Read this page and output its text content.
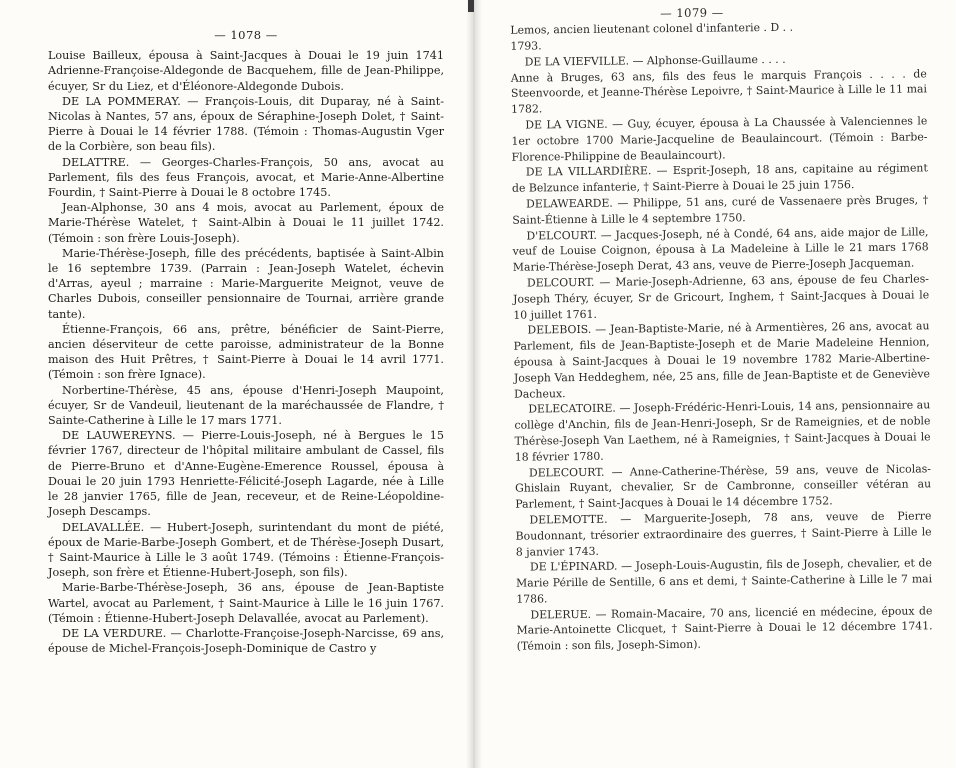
— 1078 —

Louise Bailleux, épousa à Saint-Jacques à Douai le 19 juin 1741 Adrienne-Françoise-Aldegonde de Bacquehem, fille de Jean-Philippe, écuyer, Sr du Liez, et d'Éléonore-Aldegonde Dubois.

DE LA POMMERAY. — François-Louis, dit Duparay, né à Saint-Nicolas à Nantes, 57 ans, époux de Séraphine-Joseph Dolet, † Saint-Pierre à Douai le 14 février 1788. (Témoin : Thomas-Augustin Vger de la Corbière, son beau fils).

DELATTRE. — Georges-Charles-François, 50 ans, avocat au Parlement, fils des feus François, avocat, et Marie-Anne-Albertine Fourdin, † Saint-Pierre à Douai le 8 octobre 1745.

Jean-Alphonse, 30 ans 4 mois, avocat au Parlement, époux de Marie-Thérèse Watelet, † Saint-Albin à Douai le 11 juillet 1742. (Témoin : son frère Louis-Joseph).

Marie-Thérèse-Joseph, fille des précédents, baptisée à Saint-Albin le 16 septembre 1739. (Parrain : Jean-Joseph Watelet, échevin d'Arras, ayeul ; marraine : Marie-Marguerite Meignot, veuve de Charles Dubois, conseiller pensionnaire de Tournai, arrière grande tante).

Étienne-François, 66 ans, prêtre, bénéficier de Saint-Pierre, ancien déserviteur de cette paroisse, administrateur de la Bonne maison des Huit Prêtres, † Saint-Pierre à Douai le 14 avril 1771. (Témoin : son frère Ignace).

Norbertine-Thérèse, 45 ans, épouse d'Henri-Joseph Maupoint, écuyer, Sr de Vandeuil, lieutenant de la maréchaussée de Flandre, † Sainte-Catherine à Lille le 17 mars 1771.

DE LAUWEREYNS. — Pierre-Louis-Joseph, né à Bergues le 15 février 1767, directeur de l'hôpital militaire ambulant de Cassel, fils de Pierre-Bruno et d'Anne-Eugène-Emerence Roussel, épousa à Douai le 20 juin 1793 Henriette-Félicité-Joseph Lagarde, née à Lille le 28 janvier 1765, fille de Jean, receveur, et de Reine-Léopoldine-Joseph Descamps.

DELAVALLÉE. — Hubert-Joseph, surintendant du mont de piété, époux de Marie-Barbe-Joseph Gombert, et de Thérèse-Joseph Dusart, † Saint-Maurice à Lille le 3 août 1749. (Témoins : Étienne-François-Joseph, son frère et Étienne-Hubert-Joseph, son fils).

Marie-Barbe-Thérèse-Joseph, 36 ans, épouse de Jean-Baptiste Wartel, avocat au Parlement, † Saint-Maurice à Lille le 16 juin 1767. (Témoin : Étienne-Hubert-Joseph Delavallée, avocat au Parlement).

DE LA VERDURE. — Charlotte-Françoise-Joseph-Narcisse, 69 ans, épouse de Michel-François-Joseph-Dominique de Castro y

— 1079 —

Lemos, ancien lieutenant colonel d'infanterie . D . .

1793.

DE LA VIEFVILLE. — Alphonse-Guillaume . . . .

Anne à Bruges, 63 ans, fils des feus le marquis François . . . . de Steenvoorde, et Jeanne-Thérèse Lepoivre, † Saint-Maurice à Lille le 11 mai 1782.

DE LA VIGNE. — Guy, écuyer, épousa à La Chaussée à Valenciennes le 1er octobre 1700 Marie-Jacqueline de Beaulaincourt. (Témoin : Barbe-Florence-Philippine de Beaulaincourt).

DE LA VILLARDIÈRE. — Esprit-Joseph, 18 ans, capitaine au régiment de Belzunce infanterie, † Saint-Pierre à Douai le 25 juin 1756.

DELAWEARDE. — Philippe, 51 ans, curé de Vassenaere près Bruges, † Saint-Étienne à Lille le 4 septembre 1750.

D'ELCOURT. — Jacques-Joseph, né à Condé, 64 ans, aide major de Lille, veuf de Louise Coignon, épousa à La Madeleine à Lille le 21 mars 1768 Marie-Thérèse-Joseph Derat, 43 ans, veuve de Pierre-Joseph Jacqueman.

DELCOURT. — Marie-Joseph-Adrienne, 63 ans, épouse de feu Charles-Joseph Théry, écuyer, Sr de Gricourt, Inghem, † Saint-Jacques à Douai le 10 juillet 1761.

DELEBOIS. — Jean-Baptiste-Marie, né à Armentières, 26 ans, avocat au Parlement, fils de Jean-Baptiste-Joseph et de Marie Madeleine Hennion, épousa à Saint-Jacques à Douai le 19 novembre 1782 Marie-Albertine-Joseph Van Heddeghem, née, 25 ans, fille de Jean-Baptiste et de Geneviève Dacheux.

DELECATOIRE. — Joseph-Frédéric-Henri-Louis, 14 ans, pensionnaire au collège d'Anchin, fils de Jean-Henri-Joseph, Sr de Rameignies, et de noble Thérèse-Joseph Van Laethem, né à Rameignies, † Saint-Jacques à Douai le 18 février 1780.

DELECOURT. — Anne-Catherine-Thérèse, 59 ans, veuve de Nicolas-Ghislain Ruyant, chevalier, Sr de Cambronne, conseiller vétéran au Parlement, † Saint-Jacques à Douai le 14 décembre 1752.

DELEMOTTE. — Marguerite-Joseph, 78 ans, veuve de Pierre Boudonnant, trésorier extraordinaire des guerres, † Saint-Pierre à Lille le 8 janvier 1743.

DE L'ÉPINARD. — Joseph-Louis-Augustin, fils de Joseph, chevalier, et de Marie Pérille de Sentille, 6 ans et demi, † Sainte-Catherine à Lille le 7 mai 1786.

DELERUE. — Romain-Macaire, 70 ans, licencié en médecine, époux de Marie-Antoinette Clicquet, † Saint-Pierre à Douai le 12 décembre 1741. (Témoin : son fils, Joseph-Simon).
